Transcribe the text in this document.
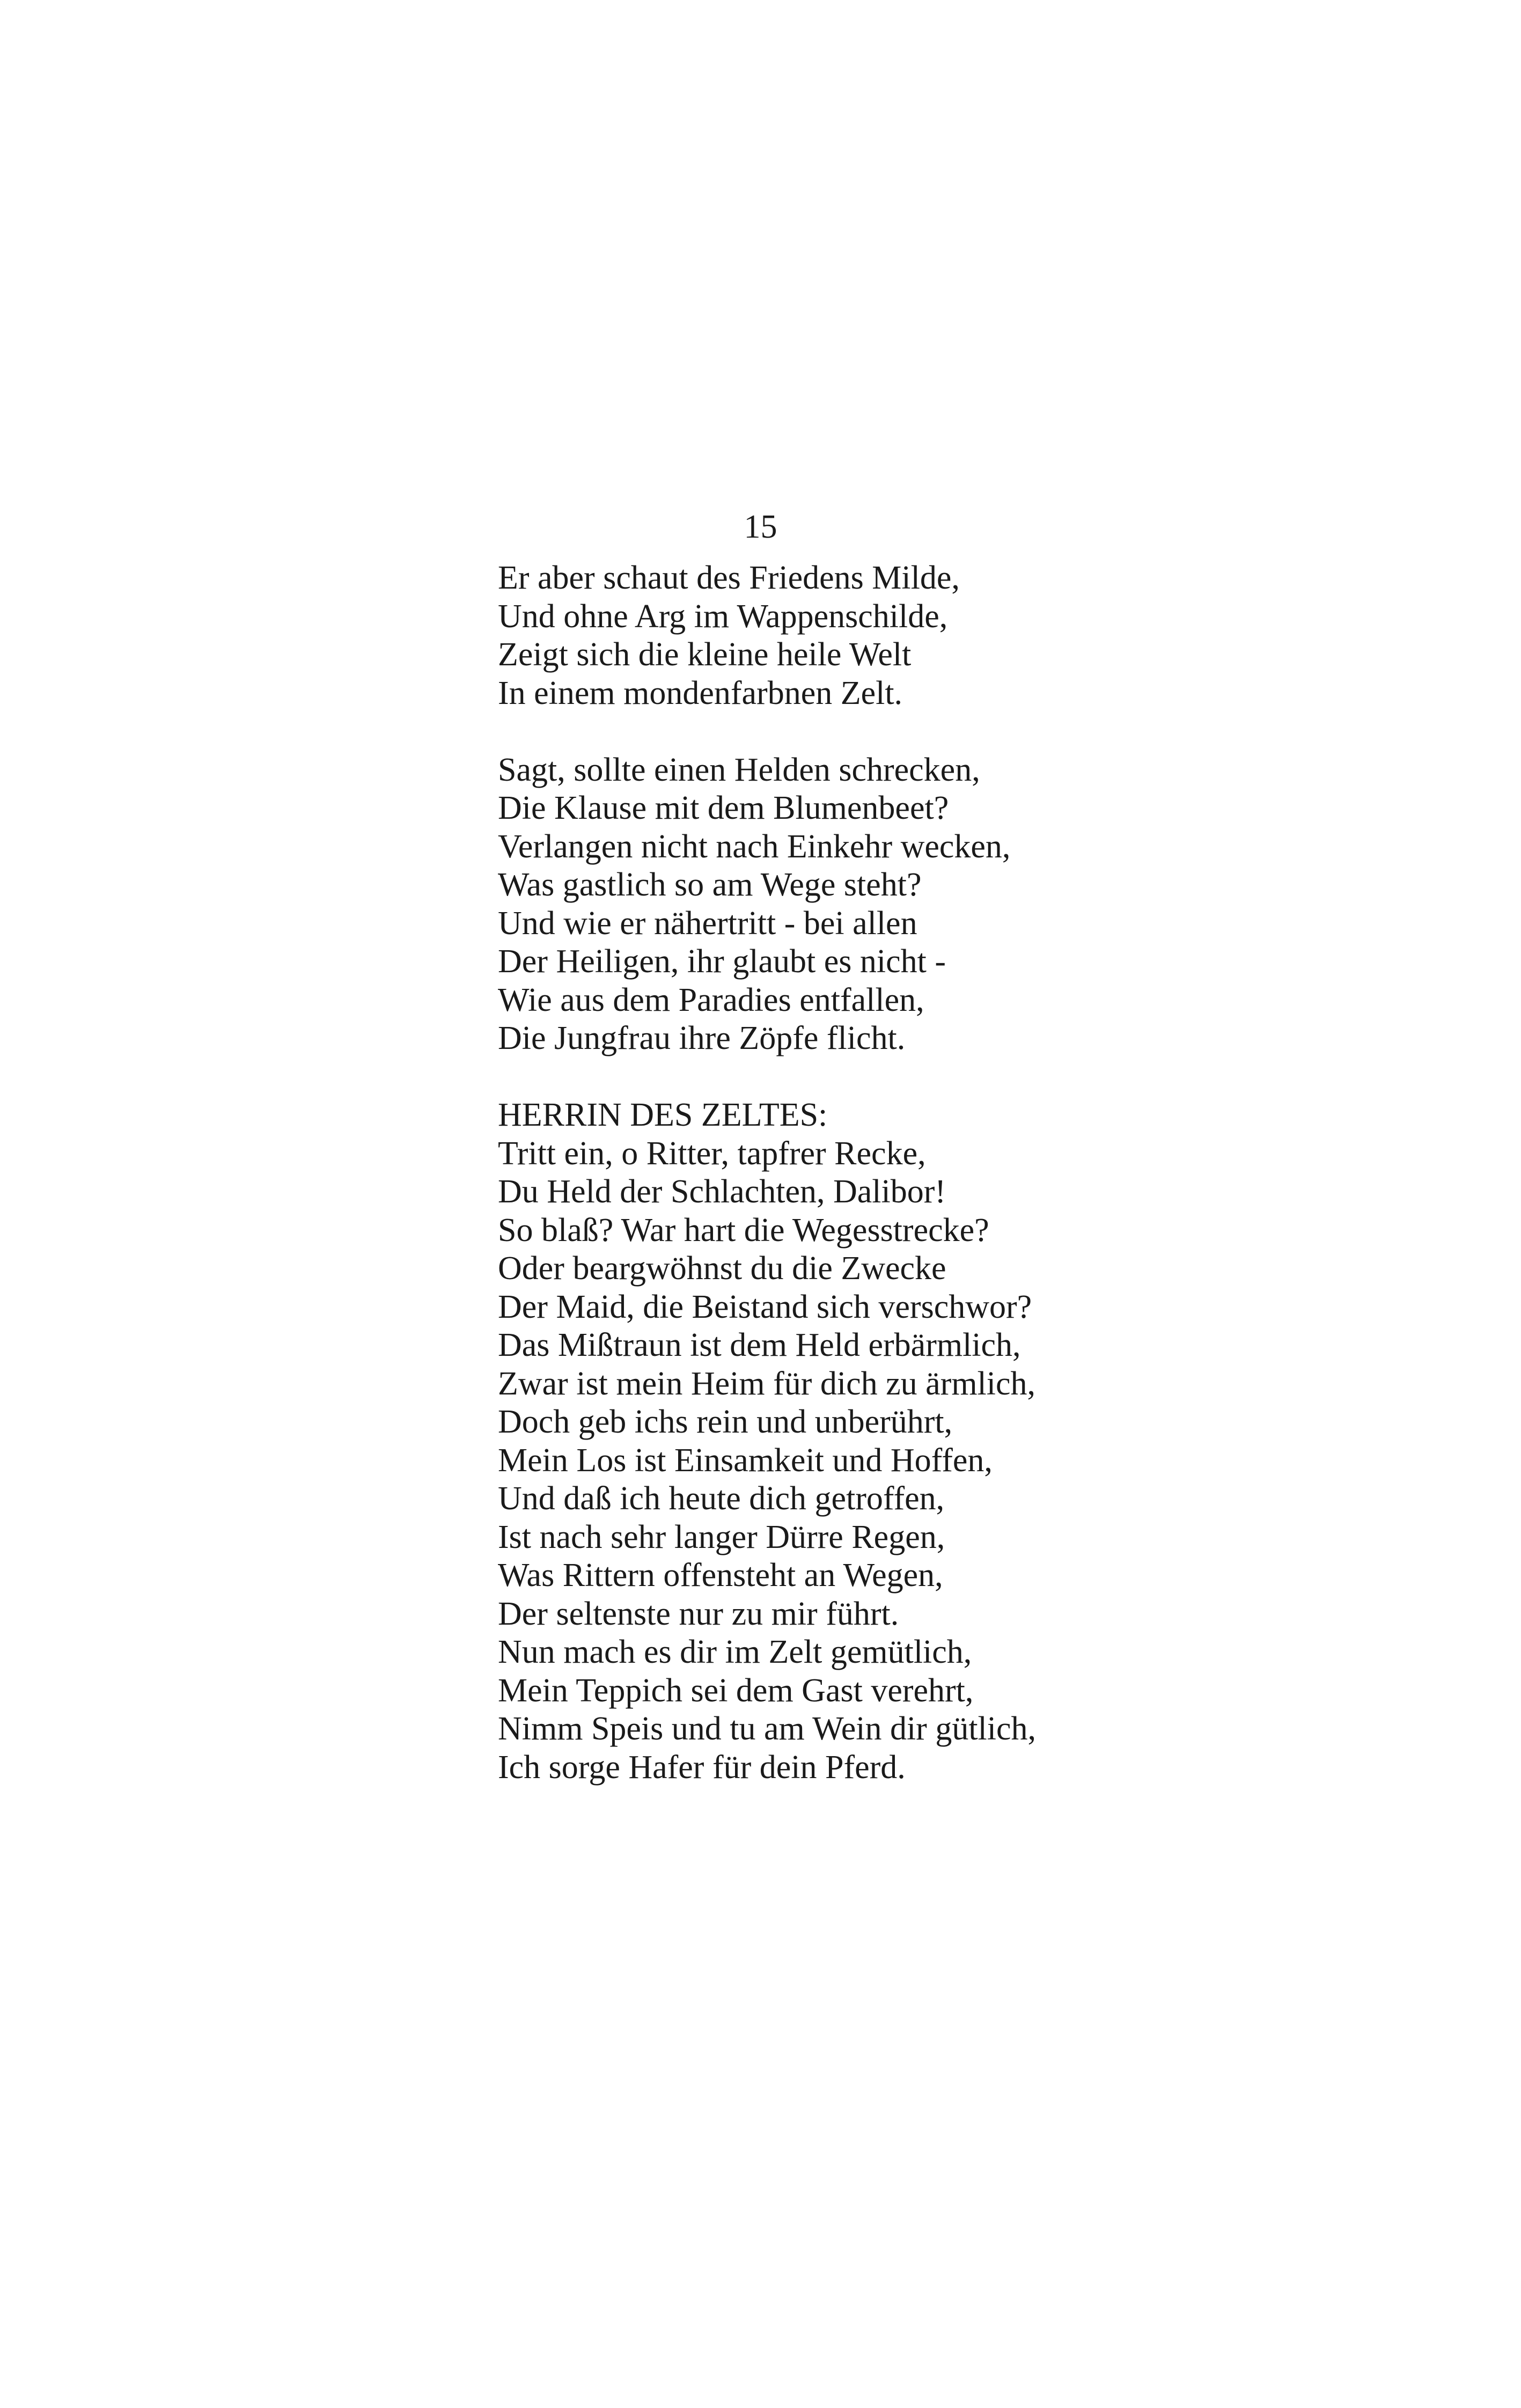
15

Er aber schaut des Friedens Milde,
Und ohne Arg im Wappenschilde,
Zeigt sich die kleine heile Welt
In einem mondenfarbnen Zelt.

Sagt, sollte einen Helden schrecken,
Die Klause mit dem Blumenbeet?
Verlangen nicht nach Einkehr wecken,
Was gastlich so am Wege steht?
Und wie er nähertritt - bei allen
Der Heiligen, ihr glaubt es nicht -
Wie aus dem Paradies entfallen,
Die Jungfrau ihre Zöpfe flicht.

HERRIN DES ZELTES:
Tritt ein, o Ritter, tapfrer Recke,
Du Held der Schlachten, Dalibor!
So blaß? War hart die Wegesstrecke?
Oder beargwöhnst du die Zwecke
Der Maid, die Beistand sich verschwor?
Das Mißtraun ist dem Held erbärmlich,
Zwar ist mein Heim für dich zu ärmlich,
Doch geb ichs rein und unberührt,
Mein Los ist Einsamkeit und Hoffen,
Und daß ich heute dich getroffen,
Ist nach sehr langer Dürre Regen,
Was Rittern offensteht an Wegen,
Der seltenste nur zu mir führt.
Nun mach es dir im Zelt gemütlich,
Mein Teppich sei dem Gast verehrt,
Nimm Speis und tu am Wein dir gütlich,
Ich sorge Hafer für dein Pferd.
